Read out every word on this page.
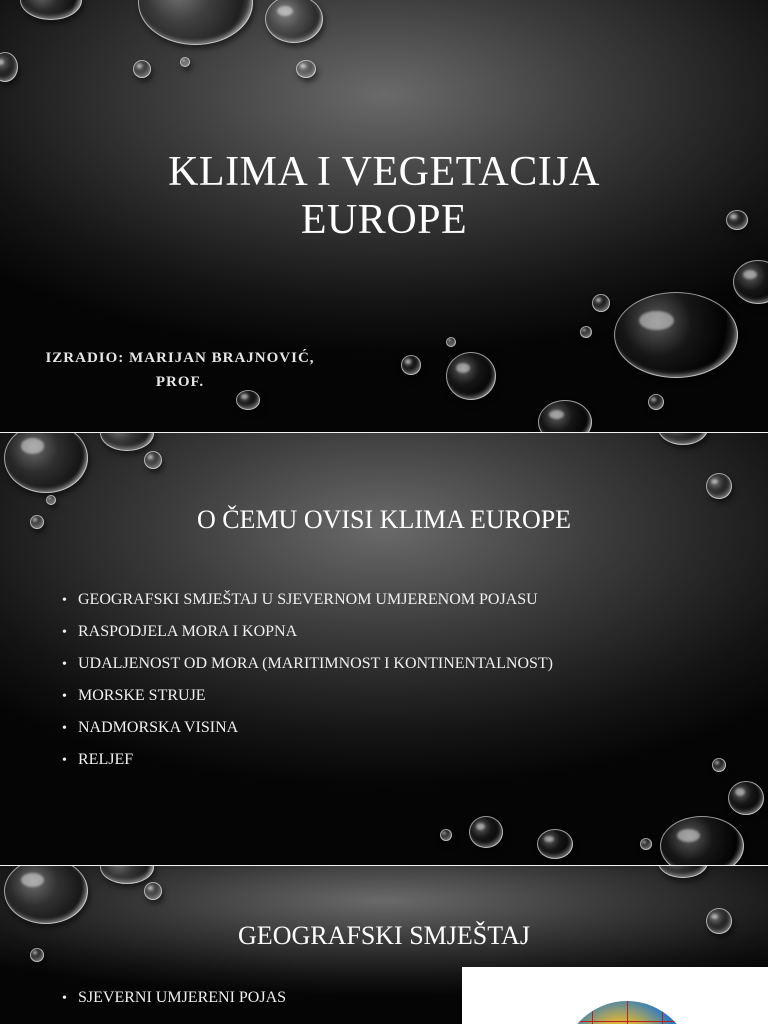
KLIMA I VEGETACIJA
EUROPE
IZRADIO: MARIJAN BRAJNOVIĆ,
PROF.
O ČEMU OVISI KLIMA EUROPE
• GEOGRAFSKI SMJEŠTAJ U SJEVERNOM UMJERENOM POJASU
• RASPODJELA MORA I KOPNA
• UDALJENOST OD MORA (MARITIMNOST I KONTINENTALNOST)
• MORSKE STRUJE
• NADMORSKA VISINA
• RELJEF
GEOGRAFSKI SMJEŠTAJ
• SJEVERNI UMJERENI POJAS
